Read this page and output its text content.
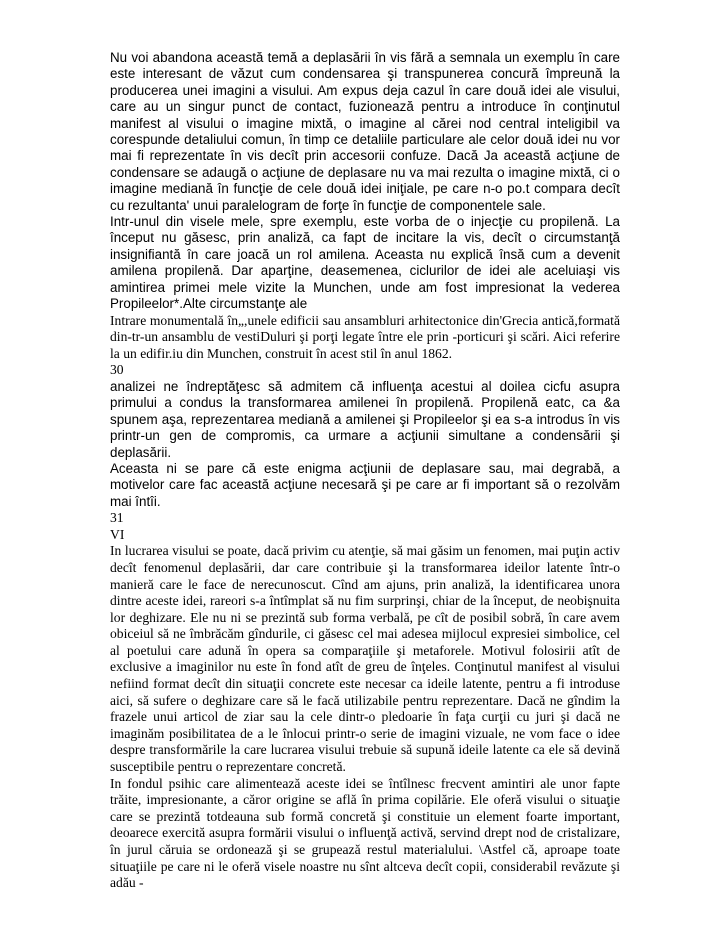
Nu voi abandona această temă a deplasării în vis fără a semnala un exemplu în care este interesant de văzut cum condensarea şi transpunerea concură împreună la producerea unei imagini a visului. Am expus deja cazul în care două idei ale visului, care au un singur punct de contact, fuzionează pentru a introduce în conţinutul manifest al visului o imagine mixtă, o imagine al cărei nod central inteligibil va corespunde detaliului comun, în timp ce detaliile particulare ale celor două idei nu vor mai fi reprezentate în vis decît prin accesorii confuze. Dacă Ja această acţiune de condensare se adaugă o acţiune de deplasare nu va mai rezulta o imagine mixtă, ci o imagine mediană în funcţie de cele două idei iniţiale, pe care n-o po.t compara decît cu rezultanta' unui paralelogram de forţe în funcţie de componentele sale.

Intr-unul din visele mele, spre exemplu, este vorba de o injecţie cu propilenă. La început nu găsesc, prin analiză, ca fapt de incitare la vis, decît o circumstanţă insignifiantă în care joacă un rol amilena. Aceasta nu explică însă cum a devenit amilena propilenă. Dar aparţine, deasemenea, ciclurilor de idei ale aceluiaşi vis amintirea primei mele vizite la Munchen, unde am fost impresionat la vederea Propileelor*.Alte circumstanţe ale

Intrare monumentală în„,unele edificii sau ansambluri arhitectonice din'Grecia antică,formată din-tr-un ansamblu de vestiDuluri şi porţi legate între ele prin -porticuri şi scări. Aici referire la un edifir.iu din Munchen, construit în acest stil în anul 1862.

30

analizei ne îndreptăţesc să admitem că influenţa acestui al doilea cicfu asupra primului a condus la transformarea amilenei în propilenă. Propilenă eatc, ca &a spunem aşa, reprezentarea mediană a amilenei şi Propileelor şi ea s-a introdus în vis printr-un gen de compromis, ca urmare a acţiunii simultane a condensării şi deplasării.

Aceasta ni se pare că este enigma acţiunii de deplasare sau, mai degrabă, a motivelor care fac această acţiune necesară şi pe care ar fi important să o rezolvăm mai întîi.

31

VI

In lucrarea visului se poate, dacă privim cu atenţie, să mai găsim un fenomen, mai puţin activ decît fenomenul deplasării, dar care contribuie şi la transformarea ideilor latente într-o manieră care le face de nerecunoscut. Cînd am ajuns, prin analiză, la identificarea unora dintre aceste idei, rareori s-a întîmplat să nu fim surprinşi, chiar de la început, de neobişnuita lor deghizare. Ele nu ni se prezintă sub forma verbală, pe cît de posibil sobră, în care avem obiceiul să ne îmbrăcăm gîndurile, ci găsesc cel mai adesea mijlocul expresiei simbolice, cel al poetului care adună în opera sa comparaţiile şi metaforele. Motivul folosirii atît de exclusive a imaginilor nu este în fond atît de greu de înţeles. Conţinutul manifest al visului nefiind format decît din situaţii concrete este necesar ca ideile latente, pentru a fi introduse aici, să sufere o deghizare care să le facă utilizabile pentru reprezentare. Dacă ne gîndim la frazele unui articol de ziar sau la cele dintr-o pledoarie în faţa curţii cu juri şi dacă ne imaginăm posibilitatea de a le înlocui printr-o serie de imagini vizuale, ne vom face o idee despre transformările la care lucrarea visului trebuie să supună ideile latente ca ele să devină susceptibile pentru o reprezentare concretă.

In fondul psihic care alimentează aceste idei se întîlnesc frecvent amintiri ale unor fapte trăite, impresionante, a căror origine se află în prima copilărie. Ele oferă visului o situaţie care se prezintă totdeauna sub formă concretă şi constituie un element foarte important, deoarece exercită asupra formării visului o influenţă activă, servind drept nod de cristalizare, în jurul căruia se ordonează şi se grupează restul materialului. \Astfel că, aproape toate situaţiile pe care ni le oferă visele noastre nu sînt altceva decît copii, considerabil revăzute şi adău -
